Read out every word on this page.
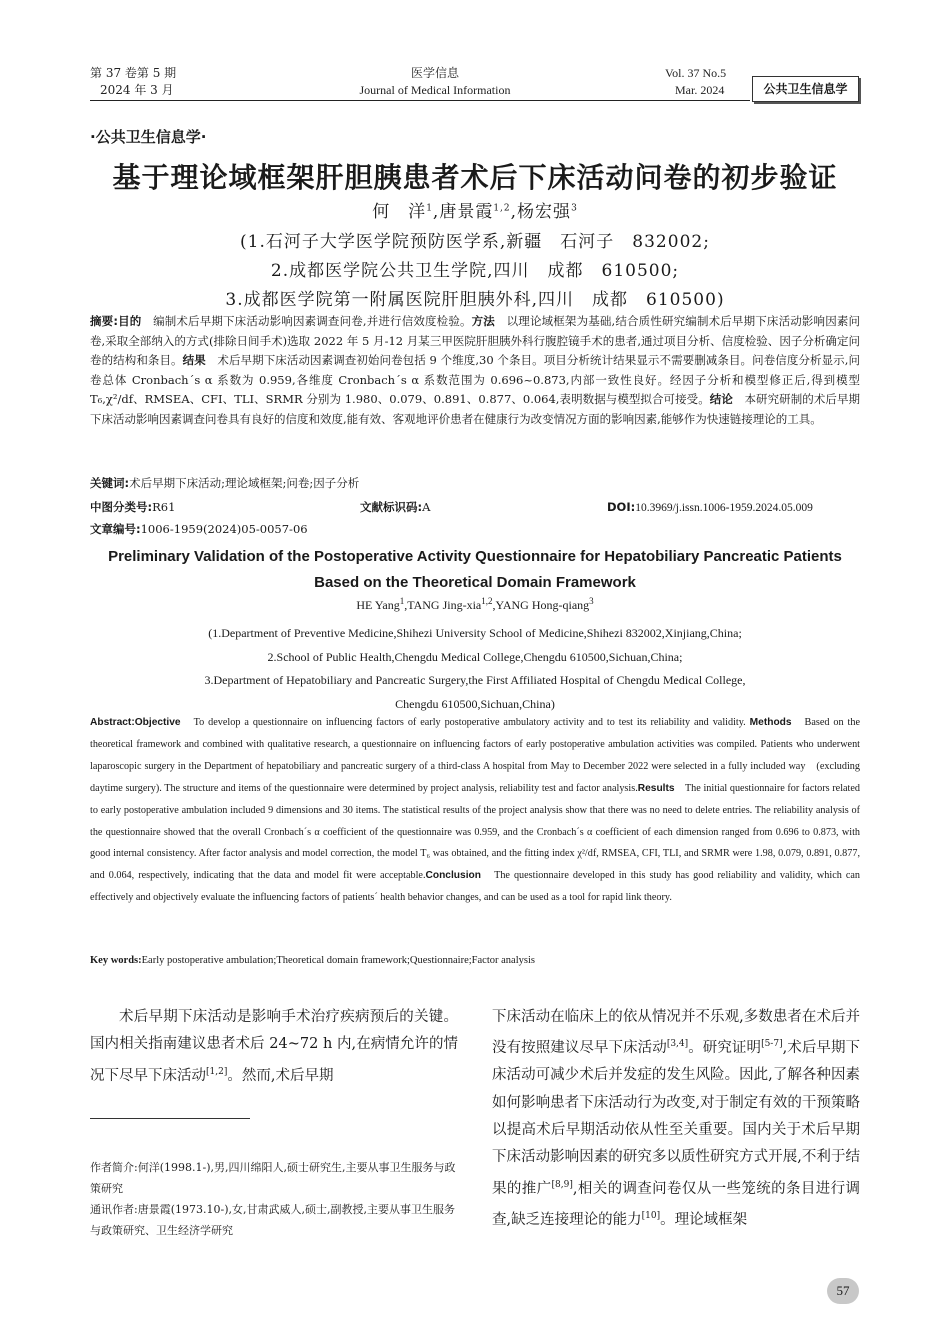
第 37 卷第 5 期
2024 年 3 月
医学信息
Journal of Medical Information
Vol. 37 No.5
Mar. 2024	公共卫生信息学
·公共卫生信息学·
基于理论域框架肝胆胰患者术后下床活动问卷的初步验证
何　洋$^1$,唐景霞$^{1,2}$,杨宏强$^3$
(1.石河子大学医学院预防医学系,新疆　石河子　832002;
2.成都医学院公共卫生学院,四川　成都　610500;
3.成都医学院第一附属医院肝胆胰外科,四川　成都　610500)
摘要:目的　编制术后早期下床活动影响因素调查问卷,并进行信效度检验。方法　以理论域框架为基础,结合质性研究编制术后早期下床活动影响因素问卷,采取全部纳入的方式(排除日间手术)选取 2022 年 5 月-12 月某三甲医院肝胆胰外科行腹腔镜手术的患者,通过项目分析、信度检验、因子分析确定问卷的结构和条目。结果　术后早期下床活动因素调查初始问卷包括 9 个维度,30 个条目。项目分析统计结果显示不需要删减条目。问卷信度分析显示,问卷总体 Cronbach´s α 系数为 0.959,各维度 Cronbach´s α 系数范围为 0.696~0.873,内部一致性良好。经因子分析和模型修正后,得到模型 T₆,χ²/df、RMSEA、CFI、TLI、SRMR 分别为 1.980、0.079、0.891、0.877、0.064,表明数据与模型拟合可接受。结论　本研究研制的术后早期下床活动影响因素调查问卷具有良好的信度和效度,能有效、客观地评价患者在健康行为改变情况方面的影响因素,能够作为快速链接理论的工具。
关键词:术后早期下床活动;理论域框架;问卷;因子分析
中图分类号:R61	文献标识码:A	DOI:10.3969/j.issn.1006-1959.2024.05.009
文章编号:1006-1959(2024)05-0057-06
Preliminary Validation of the Postoperative Activity Questionnaire for Hepatobiliary Pancreatic Patients
Based on the Theoretical Domain Framework
HE Yang$^1$,TANG Jing-xia$^{1,2}$,YANG Hong-qiang$^3$
(1.Department of Preventive Medicine,Shihezi University School of Medicine,Shihezi 832002,Xinjiang,China;
2.School of Public Health,Chengdu Medical College,Chengdu 610500,Sichuan,China;
3.Department of Hepatobiliary and Pancreatic Surgery,the First Affiliated Hospital of Chengdu Medical College,
Chengdu 610500,Sichuan,China)
Abstract:Objective　To develop a questionnaire on influencing factors of early postoperative ambulatory activity and to test its reliability and validity. Methods　Based on the theoretical framework and combined with qualitative research, a questionnaire on influencing factors of early postoperative ambulation activities was compiled. Patients who underwent laparoscopic surgery in the Department of hepatobiliary and pancreatic surgery of a third-class A hospital from May to December 2022 were selected in a fully included way　(excluding daytime surgery). The structure and items of the questionnaire were determined by project analysis, reliability test and factor analysis.Results　The initial questionnaire for factors related to early postoperative ambulation included 9 dimensions and 30 items. The statistical results of the project analysis show that there was no need to delete entries. The reliability analysis of the questionnaire showed that the overall Cronbach´s α coefficient of the questionnaire was 0.959, and the Cronbach´s α coefficient of each dimension ranged from 0.696 to 0.873, with good internal consistency. After factor analysis and model correction, the model T₆ was obtained, and the fitting index χ²/df, RMSEA, CFI, TLI, and SRMR were 1.98, 0.079, 0.891, 0.877, and 0.064, respectively, indicating that the data and model fit were acceptable.Conclusion　The questionnaire developed in this study has good reliability and validity, which can effectively and objectively evaluate the influencing factors of patients´ health behavior changes, and can be used as a tool for rapid link theory.
Key words:Early postoperative ambulation;Theoretical domain framework;Questionnaire;Factor analysis
术后早期下床活动是影响手术治疗疾病预后的关键。国内相关指南建议患者术后 24~72 h 内,在病情允许的情况下尽早下床活动[1,2]。然而,术后早期
下床活动在临床上的依从情况并不乐观,多数患者在术后并没有按照建议尽早下床活动[3,4]。研究证明[5-7],术后早期下床活动可减少术后并发症的发生风险。因此,了解各种因素如何影响患者下床活动行为改变,对于制定有效的干预策略以提高术后早期活动依从性至关重要。国内关于术后早期下床活动影响因素的研究多以质性研究方式开展,不利于结果的推广[8,9],相关的调查问卷仅从一些笼统的条目进行调查,缺乏连接理论的能力[10]。理论域框架
作者简介:何洋(1998.1-),男,四川绵阳人,硕士研究生,主要从事卫生服务与政策研究
通讯作者:唐景霞(1973.10-),女,甘肃武威人,硕士,副教授,主要从事卫生服务与政策研究、卫生经济学研究
57
